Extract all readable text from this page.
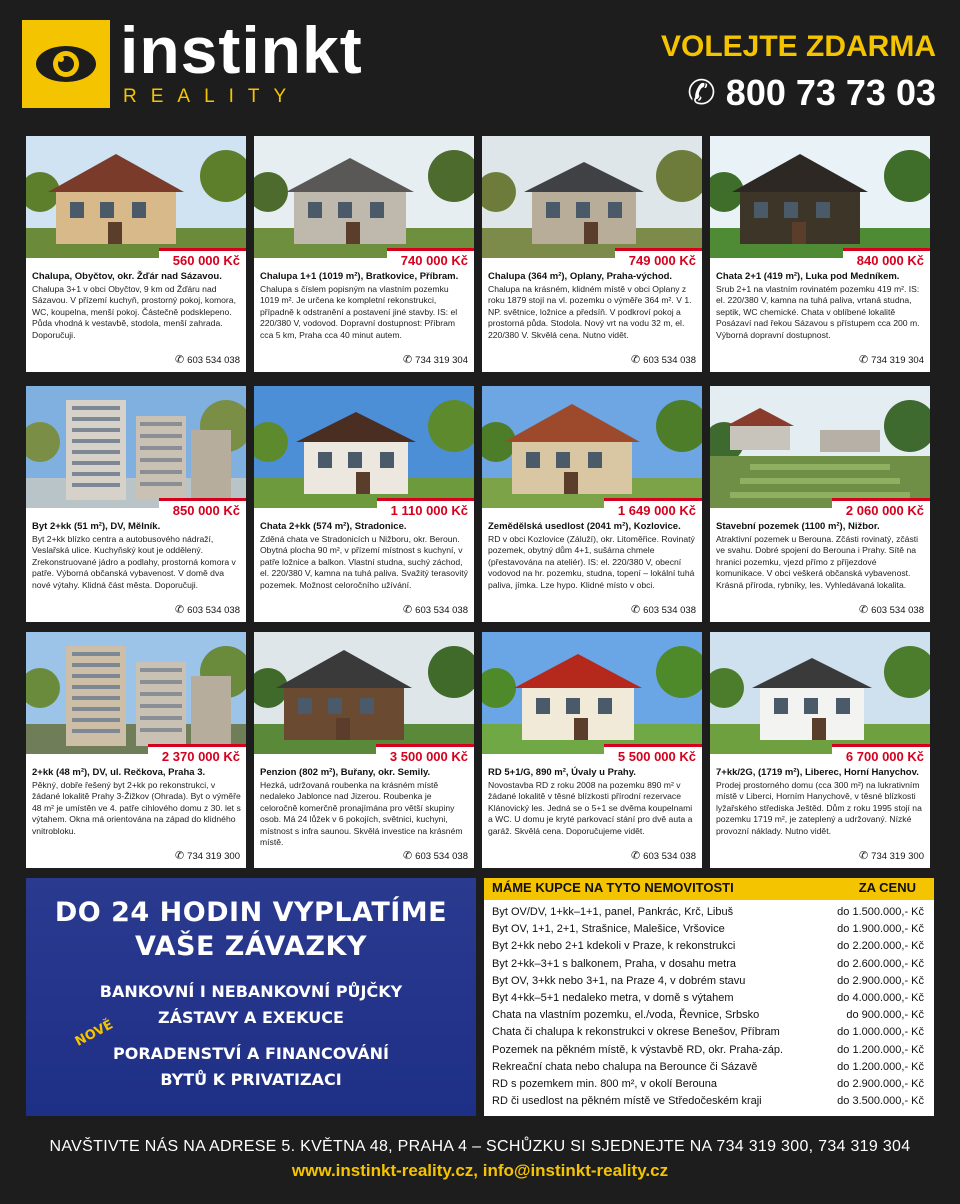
instinkt
REALITY
VOLEJTE ZDARMA
✆ 800 73 73 03
560 000 Kč
Chalupa, Obyčtov, okr. Žďár nad Sázavou.
Chalupa 3+1 v obci Obyčtov, 9 km od Žďáru nad Sázavou. V přízemí kuchyň, prostorný pokoj, komora, WC, koupelna, menší pokoj. Částečně podsklepeno. Půda vhodná k vestavbě, stodola, menší zahrada. Doporučuji.
✆ 603 534 038
740 000 Kč
Chalupa 1+1 (1019 m²), Bratkovice, Příbram.
Chalupa s číslem popisným na vlastním pozemku 1019 m². Je určena ke kompletní rekonstrukci, případně k odstranění a postavení jiné stavby. IS: el 220/380 V, vodovod. Dopravní dostupnost: Příbram cca 5 km, Praha cca 40 minut autem.
✆ 734 319 304
749 000 Kč
Chalupa (364 m²), Oplany, Praha-východ.
Chalupa na krásném, klidném místě v obci Oplany z roku 1879 stojí na vl. pozemku o výměře 364 m². V 1. NP. světnice, ložnice a předsíň. V podkroví pokoj a prostorná půda. Stodola. Nový vrt na vodu 32 m, el. 220/380 V. Skvělá cena. Nutno vidět.
✆ 603 534 038
840 000 Kč
Chata 2+1 (419 m²), Luka pod Medníkem.
Srub 2+1 na vlastním rovinatém pozemku 419 m². IS: el. 220/380 V, kamna na tuhá paliva, vrtaná studna, septik, WC chemické. Chata v oblíbené lokalitě Posázaví nad řekou Sázavou s přístupem cca 200 m. Výborná dopravní dostupnost.
✆ 734 319 304
850 000 Kč
Byt 2+kk (51 m²), DV, Mělník.
Byt 2+kk blízko centra a autobusového nádraží, Veslařská ulice. Kuchyňský kout je oddělený. Zrekonstruované jádro a podlahy, prostorná komora v patře. Výborná občanská vybavenost. V domě dva nové výtahy. Klidná část města. Doporučuji.
✆ 603 534 038
1 110 000 Kč
Chata 2+kk (574 m²), Stradonice.
Zděná chata ve Stradonicích u Nižboru, okr. Beroun. Obytná plocha 90 m², v přízemí místnost s kuchyní, v patře ložnice a balkon. Vlastní studna, suchý záchod, el. 220/380 V, kamna na tuhá paliva. Svažitý terasovitý pozemek. Možnost celoročního užívání.
✆ 603 534 038
1 649 000 Kč
Zemědělská usedlost (2041 m²), Kozlovice.
RD v obci Kozlovice (Záluží), okr. Litoměřice. Rovinatý pozemek, obytný dům 4+1, sušárna chmele (přestavována na ateliér). IS: el. 220/380 V, obecní vodovod na hr. pozemku, studna, topení – lokální tuhá paliva, jímka. Lze hypo. Klidné místo v obci.
✆ 603 534 038
2 060 000 Kč
Stavební pozemek (1100 m²), Nižbor.
Atraktivní pozemek u Berouna. Zčásti rovinatý, zčásti ve svahu. Dobré spojení do Berouna i Prahy. Sítě na hranici pozemku, vjezd přímo z příjezdové komunikace. V obci veškerá občanská vybavenost. Krásná příroda, rybníky, les. Vyhledávaná lokalita.
✆ 603 534 038
2 370 000 Kč
2+kk (48 m²), DV, ul. Rečkova, Praha 3.
Pěkný, dobře řešený byt 2+kk po rekonstrukci, v žádané lokalitě Prahy 3-Žižkov (Ohrada). Byt o výměře 48 m² je umístěn ve 4. patře cihlového domu z 30. let s výtahem. Okna má orientována na západ do klidného vnitrobloku.
✆ 734 319 300
3 500 000 Kč
Penzion (802 m²), Buřany, okr. Semily.
Hezká, udržovaná roubenka na krásném místě nedaleko Jablonce nad Jizerou. Roubenka je celoročně komerčně pronajímána pro větší skupiny osob. Má 24 lůžek v 6 pokojích, světnici, kuchyni, místnost s infra saunou. Skvělá investice na krásném místě.
✆ 603 534 038
5 500 000 Kč
RD 5+1/G, 890 m², Úvaly u Prahy.
Novostavba RD z roku 2008 na pozemku 890 m² v žádané lokalitě v těsné blízkosti přírodní rezervace Klánovický les. Jedná se o 5+1 se dvěma koupelnami a WC. U domu je kryté parkovací stání pro dvě auta a garáž. Skvělá cena. Doporučujeme vidět.
✆ 603 534 038
6 700 000 Kč
7+kk/2G, (1719 m²), Liberec, Horní Hanychov.
Prodej prostorného domu (cca 300 m²) na lukrativním místě v Liberci, Horním Hanychově, v těsné blízkosti lyžařského střediska Ještěd. Dům z roku 1995 stojí na pozemku 1719 m², je zateplený a udržovaný. Nízké provozní náklady. Nutno vidět.
✆ 734 319 300
DO 24 HODIN VYPLATÍME
VAŠE ZÁVAZKY
BANKOVNÍ I NEBANKOVNÍ PŮJČKY
ZÁSTAVY A EXEKUCE
PORADENSTVÍ A FINANCOVÁNÍ
BYTŮ K PRIVATIZACI
NOVĚ
MÁME KUPCE NA TYTO NEMOVITOSTI	ZA CENU
Byt OV/DV, 1+kk–1+1, panel, Pankrác, Krč, Libuš	do 1.500.000,- Kč
Byt OV, 1+1, 2+1, Strašnice, Malešice, Vršovice	do 1.900.000,- Kč
Byt 2+kk nebo 2+1 kdekoli v Praze, k rekonstrukci	do 2.200.000,- Kč
Byt 2+kk–3+1 s balkonem, Praha, v dosahu metra	do 2.600.000,- Kč
Byt OV, 3+kk nebo 3+1, na Praze 4, v dobrém stavu	do 2.900.000,- Kč
Byt 4+kk–5+1 nedaleko metra, v domě s výtahem	do 4.000.000,- Kč
Chata na vlastním pozemku, el./voda, Řevnice, Srbsko	do 900.000,- Kč
Chata či chalupa k rekonstrukci v okrese Benešov, Příbram	do 1.000.000,- Kč
Pozemek na pěkném místě, k výstavbě RD, okr. Praha-záp.	do 1.200.000,- Kč
Rekreační chata nebo chalupa na Berounce či Sázavě	do 1.200.000,- Kč
RD s pozemkem min. 800 m², v okolí Berouna	do 2.900.000,- Kč
RD či usedlost na pěkném místě ve Středočeském kraji	do 3.500.000,- Kč
NAVŠTIVTE NÁS NA ADRESE 5. KVĚTNA 48, PRAHA 4 – SCHŮZKU SI SJEDNEJTE NA 734 319 300, 734 319 304
www.instinkt-reality.cz, info@instinkt-reality.cz
